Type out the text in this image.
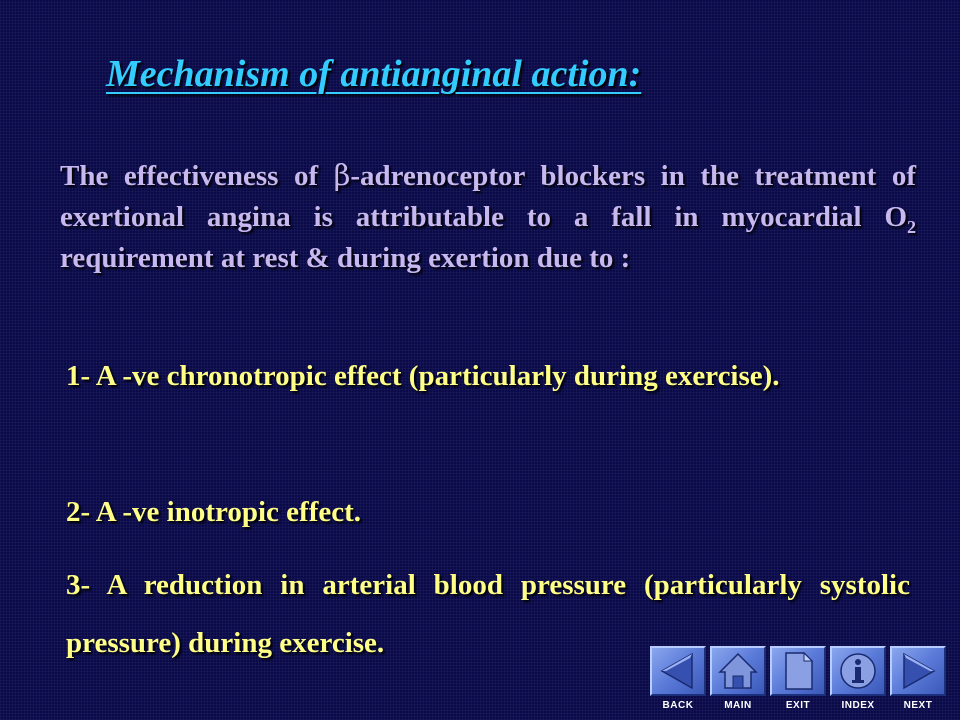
Mechanism of antianginal action:
The effectiveness of β-adrenoceptor blockers in the treatment of exertional angina is attributable to a fall in myocardial $O_2$ requirement at rest & during exertion due to :
1- A -ve chronotropic effect (particularly during exercise).
2- A -ve inotropic effect.
3- A reduction in arterial blood pressure (particularly systolic pressure) during exercise.
BACK	MAIN	EXIT	INDEX	NEXT
